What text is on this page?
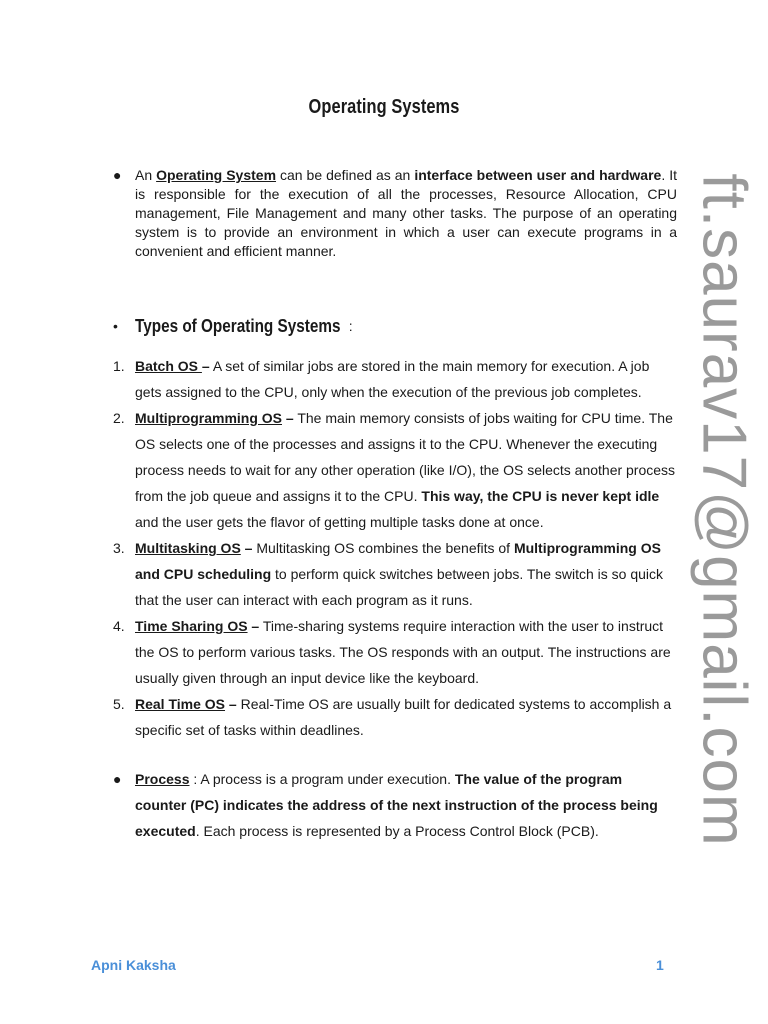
Operating Systems
● An Operating System can be defined as an interface between user and hardware. It is responsible for the execution of all the processes, Resource Allocation, CPU management, File Management and many other tasks. The purpose of an operating system is to provide an environment in which a user can execute programs in a convenient and efficient manner.
• Types of Operating Systems :
1. Batch OS – A set of similar jobs are stored in the main memory for execution. A job gets assigned to the CPU, only when the execution of the previous job completes.
2. Multiprogramming OS – The main memory consists of jobs waiting for CPU time. The OS selects one of the processes and assigns it to the CPU. Whenever the executing process needs to wait for any other operation (like I/O), the OS selects another process from the job queue and assigns it to the CPU. This way, the CPU is never kept idle and the user gets the flavor of getting multiple tasks done at once.
3. Multitasking OS – Multitasking OS combines the benefits of Multiprogramming OS and CPU scheduling to perform quick switches between jobs. The switch is so quick that the user can interact with each program as it runs.
4. Time Sharing OS – Time-sharing systems require interaction with the user to instruct the OS to perform various tasks. The OS responds with an output. The instructions are usually given through an input device like the keyboard.
5. Real Time OS – Real-Time OS are usually built for dedicated systems to accomplish a specific set of tasks within deadlines.
● Process : A process is a program under execution. The value of the program counter (PC) indicates the address of the next instruction of the process being executed. Each process is represented by a Process Control Block (PCB).	ft.saurav17@gmail.com
Apni Kaksha	1
